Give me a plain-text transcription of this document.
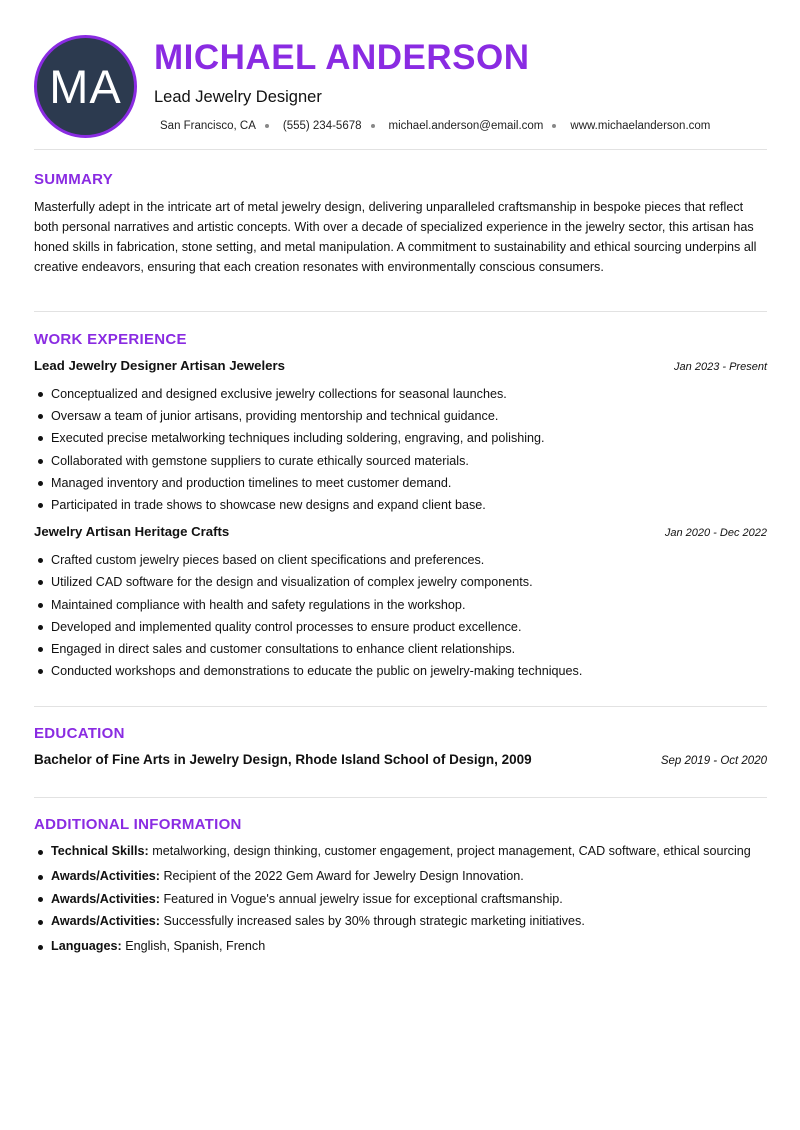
MA
MICHAEL ANDERSON
Lead Jewelry Designer
San Francisco, CA (555) 234-5678 michael.anderson@email.com www.michaelanderson.com
SUMMARY

Masterfully adept in the intricate art of metal jewelry design, delivering unparalleled craftsmanship in bespoke pieces that reflect both personal narratives and artistic concepts. With over a decade of specialized experience in the jewelry sector, this artisan has honed skills in fabrication, stone setting, and metal manipulation. A commitment to sustainability and ethical sourcing underpins all creative endeavors, ensuring that each creation resonates with environmentally conscious consumers.

WORK EXPERIENCE
Lead Jewelry Designer Artisan Jewelers	Jan 2023 - Present
Conceptualized and designed exclusive jewelry collections for seasonal launches.
Oversaw a team of junior artisans, providing mentorship and technical guidance.
Executed precise metalworking techniques including soldering, engraving, and polishing.
Collaborated with gemstone suppliers to curate ethically sourced materials.
Managed inventory and production timelines to meet customer demand.
Participated in trade shows to showcase new designs and expand client base.
Jewelry Artisan Heritage Crafts	Jan 2020 - Dec 2022
Crafted custom jewelry pieces based on client specifications and preferences.
Utilized CAD software for the design and visualization of complex jewelry components.
Maintained compliance with health and safety regulations in the workshop.
Developed and implemented quality control processes to ensure product excellence.
Engaged in direct sales and customer consultations to enhance client relationships.
Conducted workshops and demonstrations to educate the public on jewelry-making techniques.
EDUCATION
Bachelor of Fine Arts in Jewelry Design, Rhode Island School of Design, 2009	Sep 2019 - Oct 2020
ADDITIONAL INFORMATION
Technical Skills: metalworking, design thinking, customer engagement, project management, CAD software, ethical sourcing
Awards/Activities: Recipient of the 2022 Gem Award for Jewelry Design Innovation.
Awards/Activities: Featured in Vogue's annual jewelry issue for exceptional craftsmanship.
Awards/Activities: Successfully increased sales by 30% through strategic marketing initiatives.
Languages: English, Spanish, French
